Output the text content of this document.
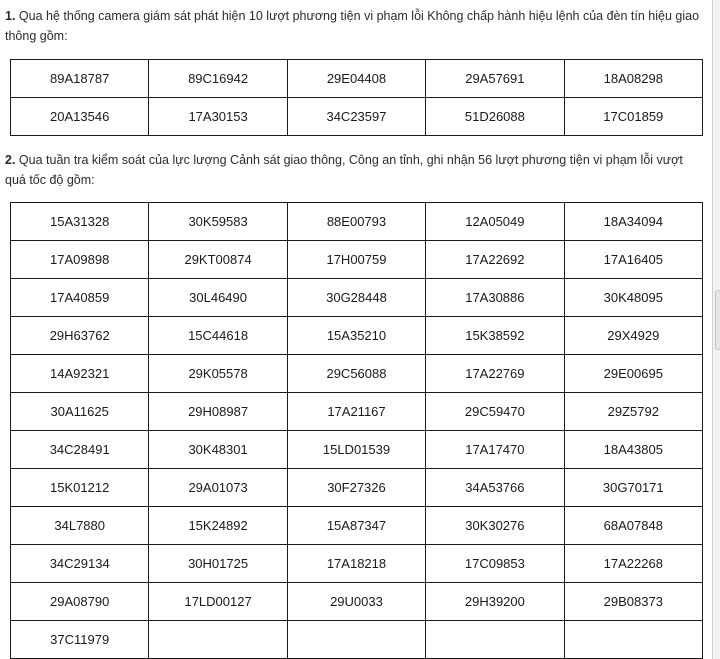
1. Qua hệ thống camera giám sát phát hiện 10 lượt phương tiện vi phạm lỗi Không chấp hành hiệu lệnh của đèn tín hiệu giao thông gồm:

89A18787	89C16942	29E04408	29A57691	18A08298
20A13546	17A30153	34C23597	51D26088	17C01859

2. Qua tuần tra kiểm soát của lực lượng Cảnh sát giao thông, Công an tỉnh, ghi nhận 56 lượt phương tiện vi phạm lỗi vượt quá tốc độ gồm:

15A31328	30K59583	88E00793	12A05049	18A34094
17A09898	29KT00874	17H00759	17A22692	17A16405
17A40859	30L46490	30G28448	17A30886	30K48095
29H63762	15C44618	15A35210	15K38592	29X4929
14A92321	29K05578	29C56088	17A22769	29E00695
30A11625	29H08987	17A21167	29C59470	29Z5792
34C28491	30K48301	15LD01539	17A17470	18A43805
15K01212	29A01073	30F27326	34A53766	30G70171
34L7880	15K24892	15A87347	30K30276	68A07848
34C29134	30H01725	17A18218	17C09853	17A22268
29A08790	17LD00127	29U0033	29H39200	29B08373
37C11979				
